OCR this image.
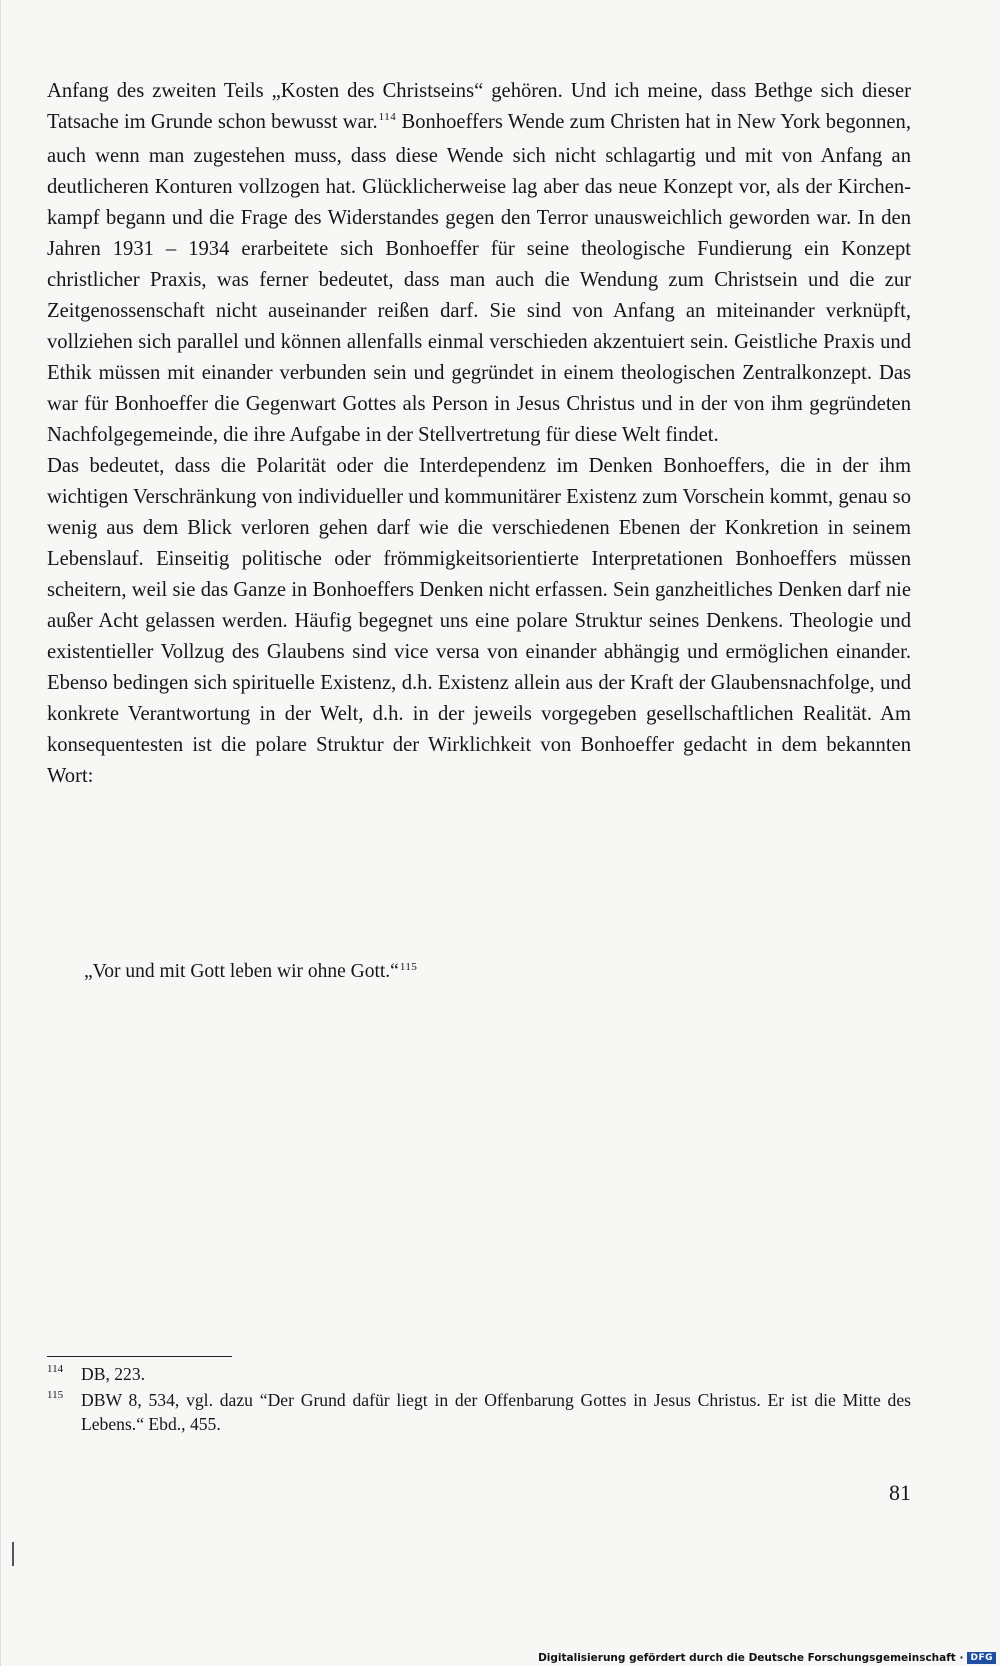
Anfang des zweiten Teils „Kosten des Christseins“ gehören. Und ich meine, dass Bethge sich dieser Tatsache im Grunde schon bewusst war.$^{114}$ Bonhoeffers Wende zum Christen hat in New York begonnen, auch wenn man zugestehen muss, dass diese Wende sich nicht schlagartig und mit von Anfang an deutlicheren Konturen vollzogen hat. Glücklicherweise lag aber das neue Konzept vor, als der Kirchenkampf begann und die Frage des Widerstandes gegen den Terror unausweichlich geworden war. In den Jahren 1931 – 1934 erarbeitete sich Bonhoeffer für seine theologische Fundierung ein Konzept christlicher Praxis, was ferner bedeutet, dass man auch die Wendung zum Christsein und die zur Zeitgenossenschaft nicht auseinander reißen darf. Sie sind von Anfang an miteinander verknüpft, vollziehen sich parallel und können allenfalls einmal verschieden akzentuiert sein. Geistliche Praxis und Ethik müssen mit einander verbunden sein und gegründet in einem theologischen Zentralkonzept. Das war für Bonhoeffer die Gegenwart Gottes als Person in Jesus Christus und in der von ihm gegründeten Nachfolgegemeinde, die ihre Aufgabe in der Stellvertretung für diese Welt findet.

Das bedeutet, dass die Polarität oder die Interdependenz im Denken Bonhoeffers, die in der ihm wichtigen Verschränkung von individueller und kommunitärer Existenz zum Vorschein kommt, genau so wenig aus dem Blick verloren gehen darf wie die verschiedenen Ebenen der Konkretion in seinem Lebenslauf. Einseitig politische oder frömmigkeitsorientierte Interpretationen Bonhoeffers müssen scheitern, weil sie das Ganze in Bonhoeffers Denken nicht erfassen. Sein ganzheitliches Denken darf nie außer Acht gelassen werden. Häufig begegnet uns eine polare Struktur seines Denkens. Theologie und existentieller Vollzug des Glaubens sind vice versa von einander abhängig und ermöglichen einander. Ebenso bedingen sich spirituelle Existenz, d.h. Existenz allein aus der Kraft der Glaubensnachfolge, und konkrete Verantwortung in der Welt, d.h. in der jeweils vorgegeben gesellschaftlichen Realität. Am konsequentesten ist die polare Struktur der Wirklichkeit von Bonhoeffer gedacht in dem bekannten Wort:

„Vor und mit Gott leben wir ohne Gott.“$^{115}$
114 DB, 223.
115 DBW 8, 534, vgl. dazu “Der Grund dafür liegt in der Offenbarung Gottes in Jesus Christus. Er ist die Mitte des Lebens.“ Ebd., 455.
81
Digitalisierung gefördert durch die Deutsche Forschungsgemeinschaft · DFG
